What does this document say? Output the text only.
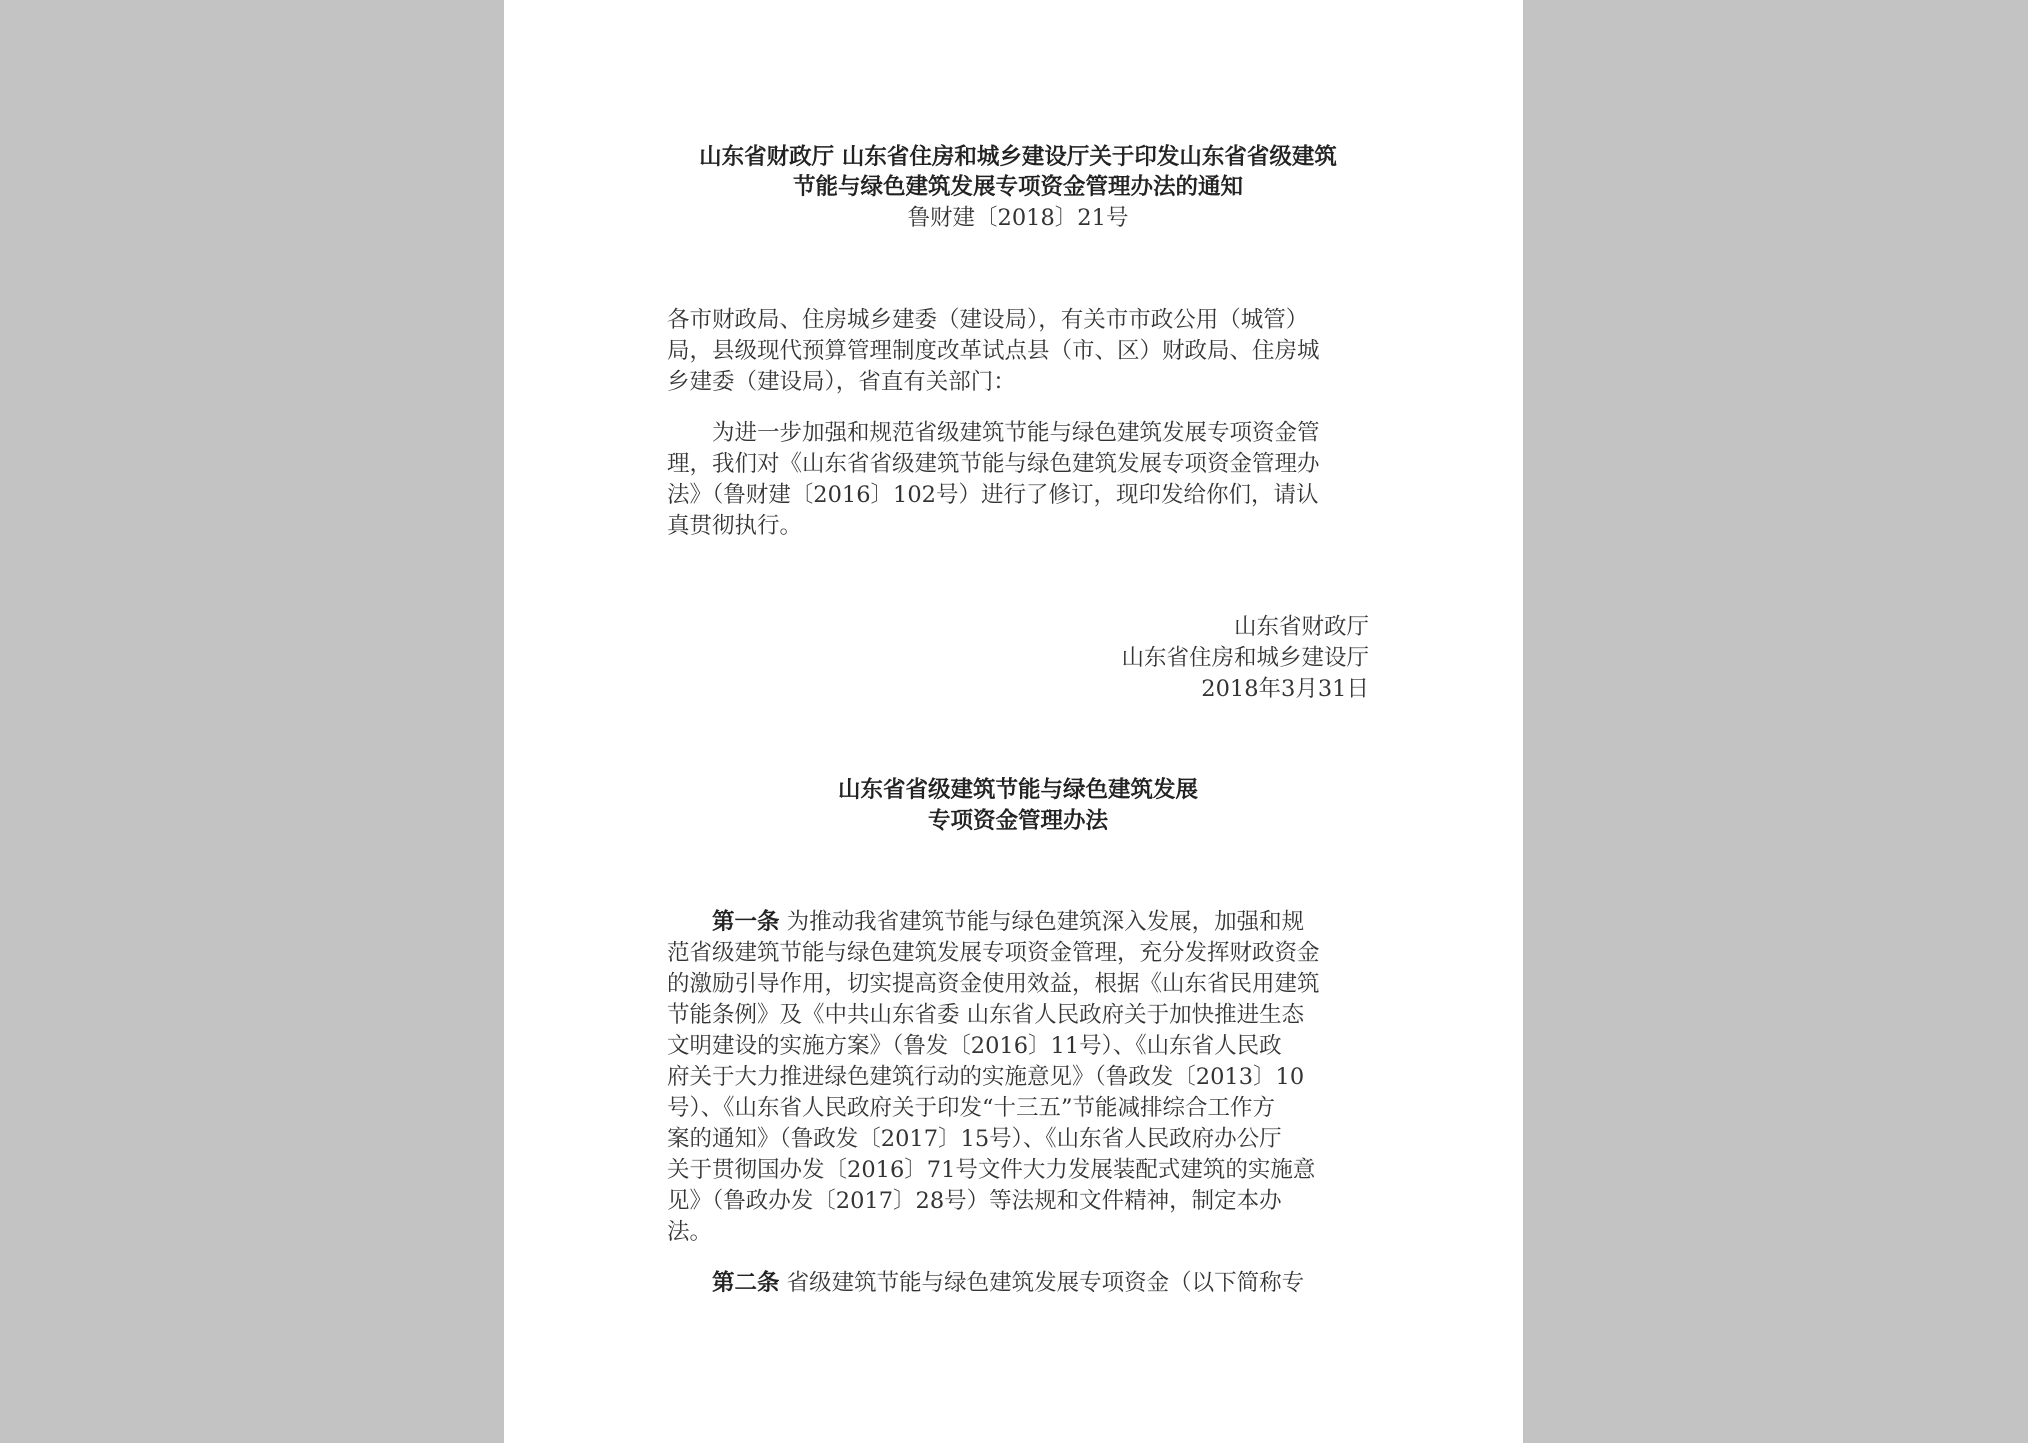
山东省财政厅 山东省住房和城乡建设厅关于印发山东省省级建筑
节能与绿色建筑发展专项资金管理办法的通知
鲁财建〔2018〕21号
各市财政局、住房城乡建委（建设局），有关市市政公用（城管）
局，县级现代预算管理制度改革试点县（市、区）财政局、住房城
乡建委（建设局），省直有关部门：
　　为进一步加强和规范省级建筑节能与绿色建筑发展专项资金管
理，我们对《山东省省级建筑节能与绿色建筑发展专项资金管理办
法》（鲁财建〔2016〕102号）进行了修订，现印发给你们，请认
真贯彻执行。
山东省财政厅
山东省住房和城乡建设厅
2018年3月31日
山东省省级建筑节能与绿色建筑发展
专项资金管理办法
　　第一条 为推动我省建筑节能与绿色建筑深入发展，加强和规
范省级建筑节能与绿色建筑发展专项资金管理，充分发挥财政资金
的激励引导作用，切实提高资金使用效益，根据《山东省民用建筑
节能条例》及《中共山东省委 山东省人民政府关于加快推进生态
文明建设的实施方案》（鲁发〔2016〕11号）、《山东省人民政
府关于大力推进绿色建筑行动的实施意见》（鲁政发〔2013〕10
号）、《山东省人民政府关于印发“十三五”节能减排综合工作方
案的通知》（鲁政发〔2017〕15号）、《山东省人民政府办公厅
关于贯彻国办发〔2016〕71号文件大力发展装配式建筑的实施意
见》（鲁政办发〔2017〕28号）等法规和文件精神，制定本办
法。
　　第二条 省级建筑节能与绿色建筑发展专项资金（以下简称专
